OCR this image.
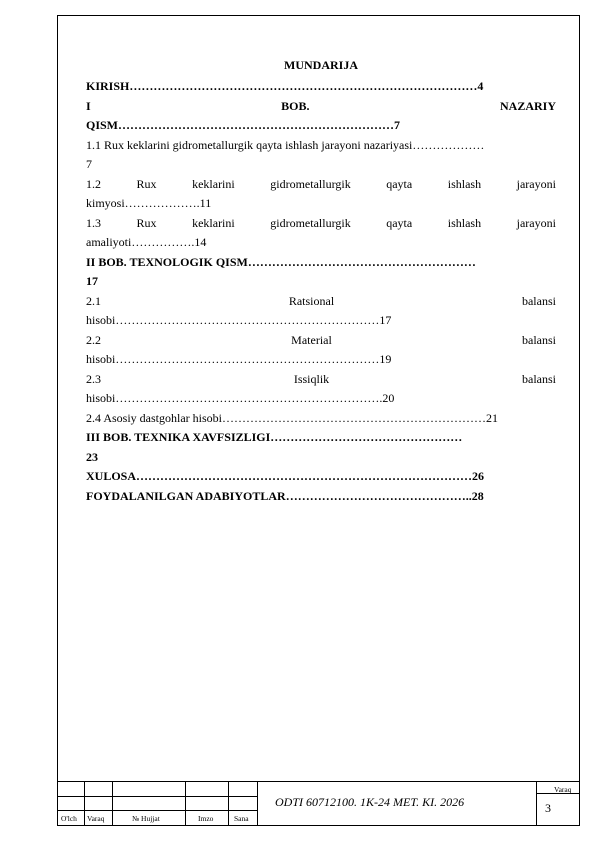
MUNDARIJA
KIRISH……………………………………………………………………………4
I	BOB.	NAZARIY
QISM……………………………………………………………7
1.1 Rux keklarini gidrometallurgik qayta ishlash jarayoni nazariyasi………………
7
1.2	Rux	keklarini	gidrometallurgik	qayta	ishlash	jarayoni
kimyosi……………….11
1.3	Rux	keklarini	gidrometallurgik	qayta	ishlash	jarayoni
amaliyoti…………….14
II BOB. TEXNOLOGIK QISM…………………………………………………
17
2.1	Ratsional	balansi
hisobi…………………………………………………………17
2.2	Material	balansi
hisobi…………………………………………………………19
2.3	Issiqlik	balansi
hisobi………………………………………………………….20
2.4 Asosiy dastgohlar hisobi…………………………………………………………21
III BOB. TEXNIKA XAVFSIZLIGI…………………………………………
23
XULOSA…………………………………………………………………………26
FOYDALANILGAN ADABIYOTLAR………………………………………..28
O'lch Varaq	№ Hujjat	Imzo	Sana
ODTI 60712100. 1K-24 MET. KI. 2026
Varaq
3
